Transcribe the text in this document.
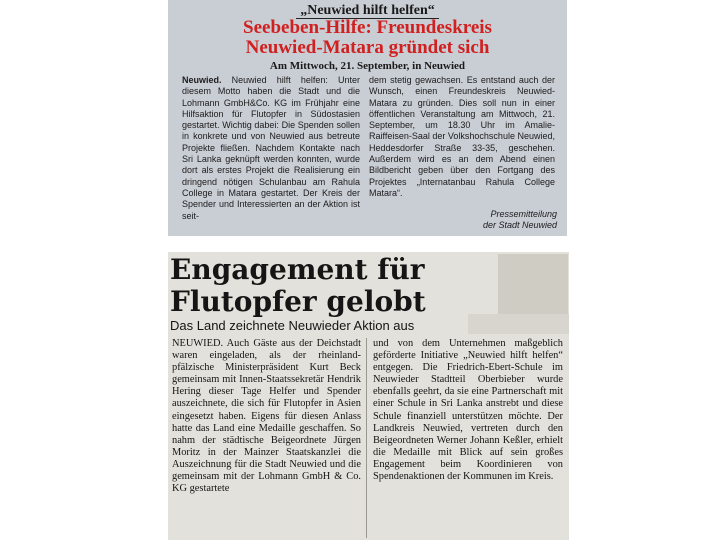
„Neuwied hilft helfen“
Seebeben-Hilfe: Freundeskreis
Neuwied-Matara gründet sich
Am Mittwoch, 21. September, in Neuwied
Neuwied. Neuwied hilft helfen: Unter diesem Motto haben die Stadt und die Lohmann GmbH&Co. KG im Frühjahr eine Hilfsaktion für Flutopfer in Südostasien gestartet. Wichtig dabei: Die Spenden sollen in konkrete und von Neuwied aus betreute Projekte fließen. Nachdem Kontakte nach Sri Lanka geknüpft werden konnten, wurde dort als erstes Projekt die Realisierung ein dringend nötigen Schulanbau am Rahula College in Matara gestartet. Der Kreis der Spender und Interessierten an der Aktion ist seit-
dem stetig gewachsen. Es entstand auch der Wunsch, einen Freundeskreis Neuwied-Matara zu gründen. Dies soll nun in einer öffentlichen Veranstaltung am Mittwoch, 21. September, um 18.30 Uhr im Amalie-Raiffeisen-Saal der Volkshochschule Neuwied, Heddesdorfer Straße 33-35, geschehen. Außerdem wird es an dem Abend einen Bildbericht geben über den Fortgang des Projektes „Internatanbau Rahula College Matara“.
Pressemitteilung
der Stadt Neuwied
Engagement für
Flutopfer gelobt
Das Land zeichnete Neuwieder Aktion aus
NEUWIED. Auch Gäste aus der Deichstadt waren eingeladen, als der rheinland-pfälzische Ministerpräsident Kurt Beck gemeinsam mit Innen-Staatssekretär Hendrik Hering dieser Tage Helfer und Spender auszeichnete, die sich für Flutopfer in Asien eingesetzt haben. Eigens für diesen Anlass hatte das Land eine Medaille geschaffen. So nahm der städtische Beigeordnete Jürgen Moritz in der Mainzer Staatskanzlei die Auszeichnung für die Stadt Neuwied und die gemeinsam mit der Lohmann GmbH & Co. KG gestartete
und von dem Unternehmen maßgeblich geförderte Initiative „Neuwied hilft helfen“ entgegen. Die Friedrich-Ebert-Schule im Neuwieder Stadtteil Oberbieber wurde ebenfalls geehrt, da sie eine Partnerschaft mit einer Schule in Sri Lanka anstrebt und diese Schule finanziell unterstützen möchte. Der Landkreis Neuwied, vertreten durch den Beigeordneten Werner Johann Keßler, erhielt die Medaille mit Blick auf sein großes Engagement beim Koordinieren von Spendenaktionen der Kommunen im Kreis.
